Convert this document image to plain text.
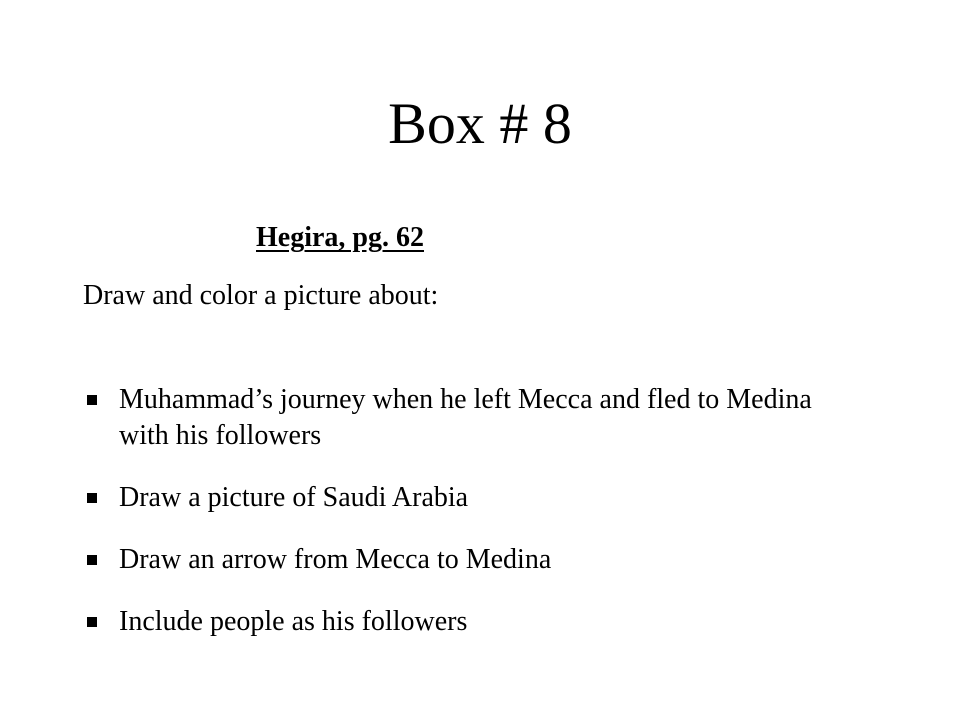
Box # 8
Hegira, pg. 62
Draw and color a picture about:
Muhammad’s journey when he left Mecca and fled to Medina with his followers
Draw a picture of Saudi Arabia
Draw an arrow from Mecca to Medina
Include people as his followers
